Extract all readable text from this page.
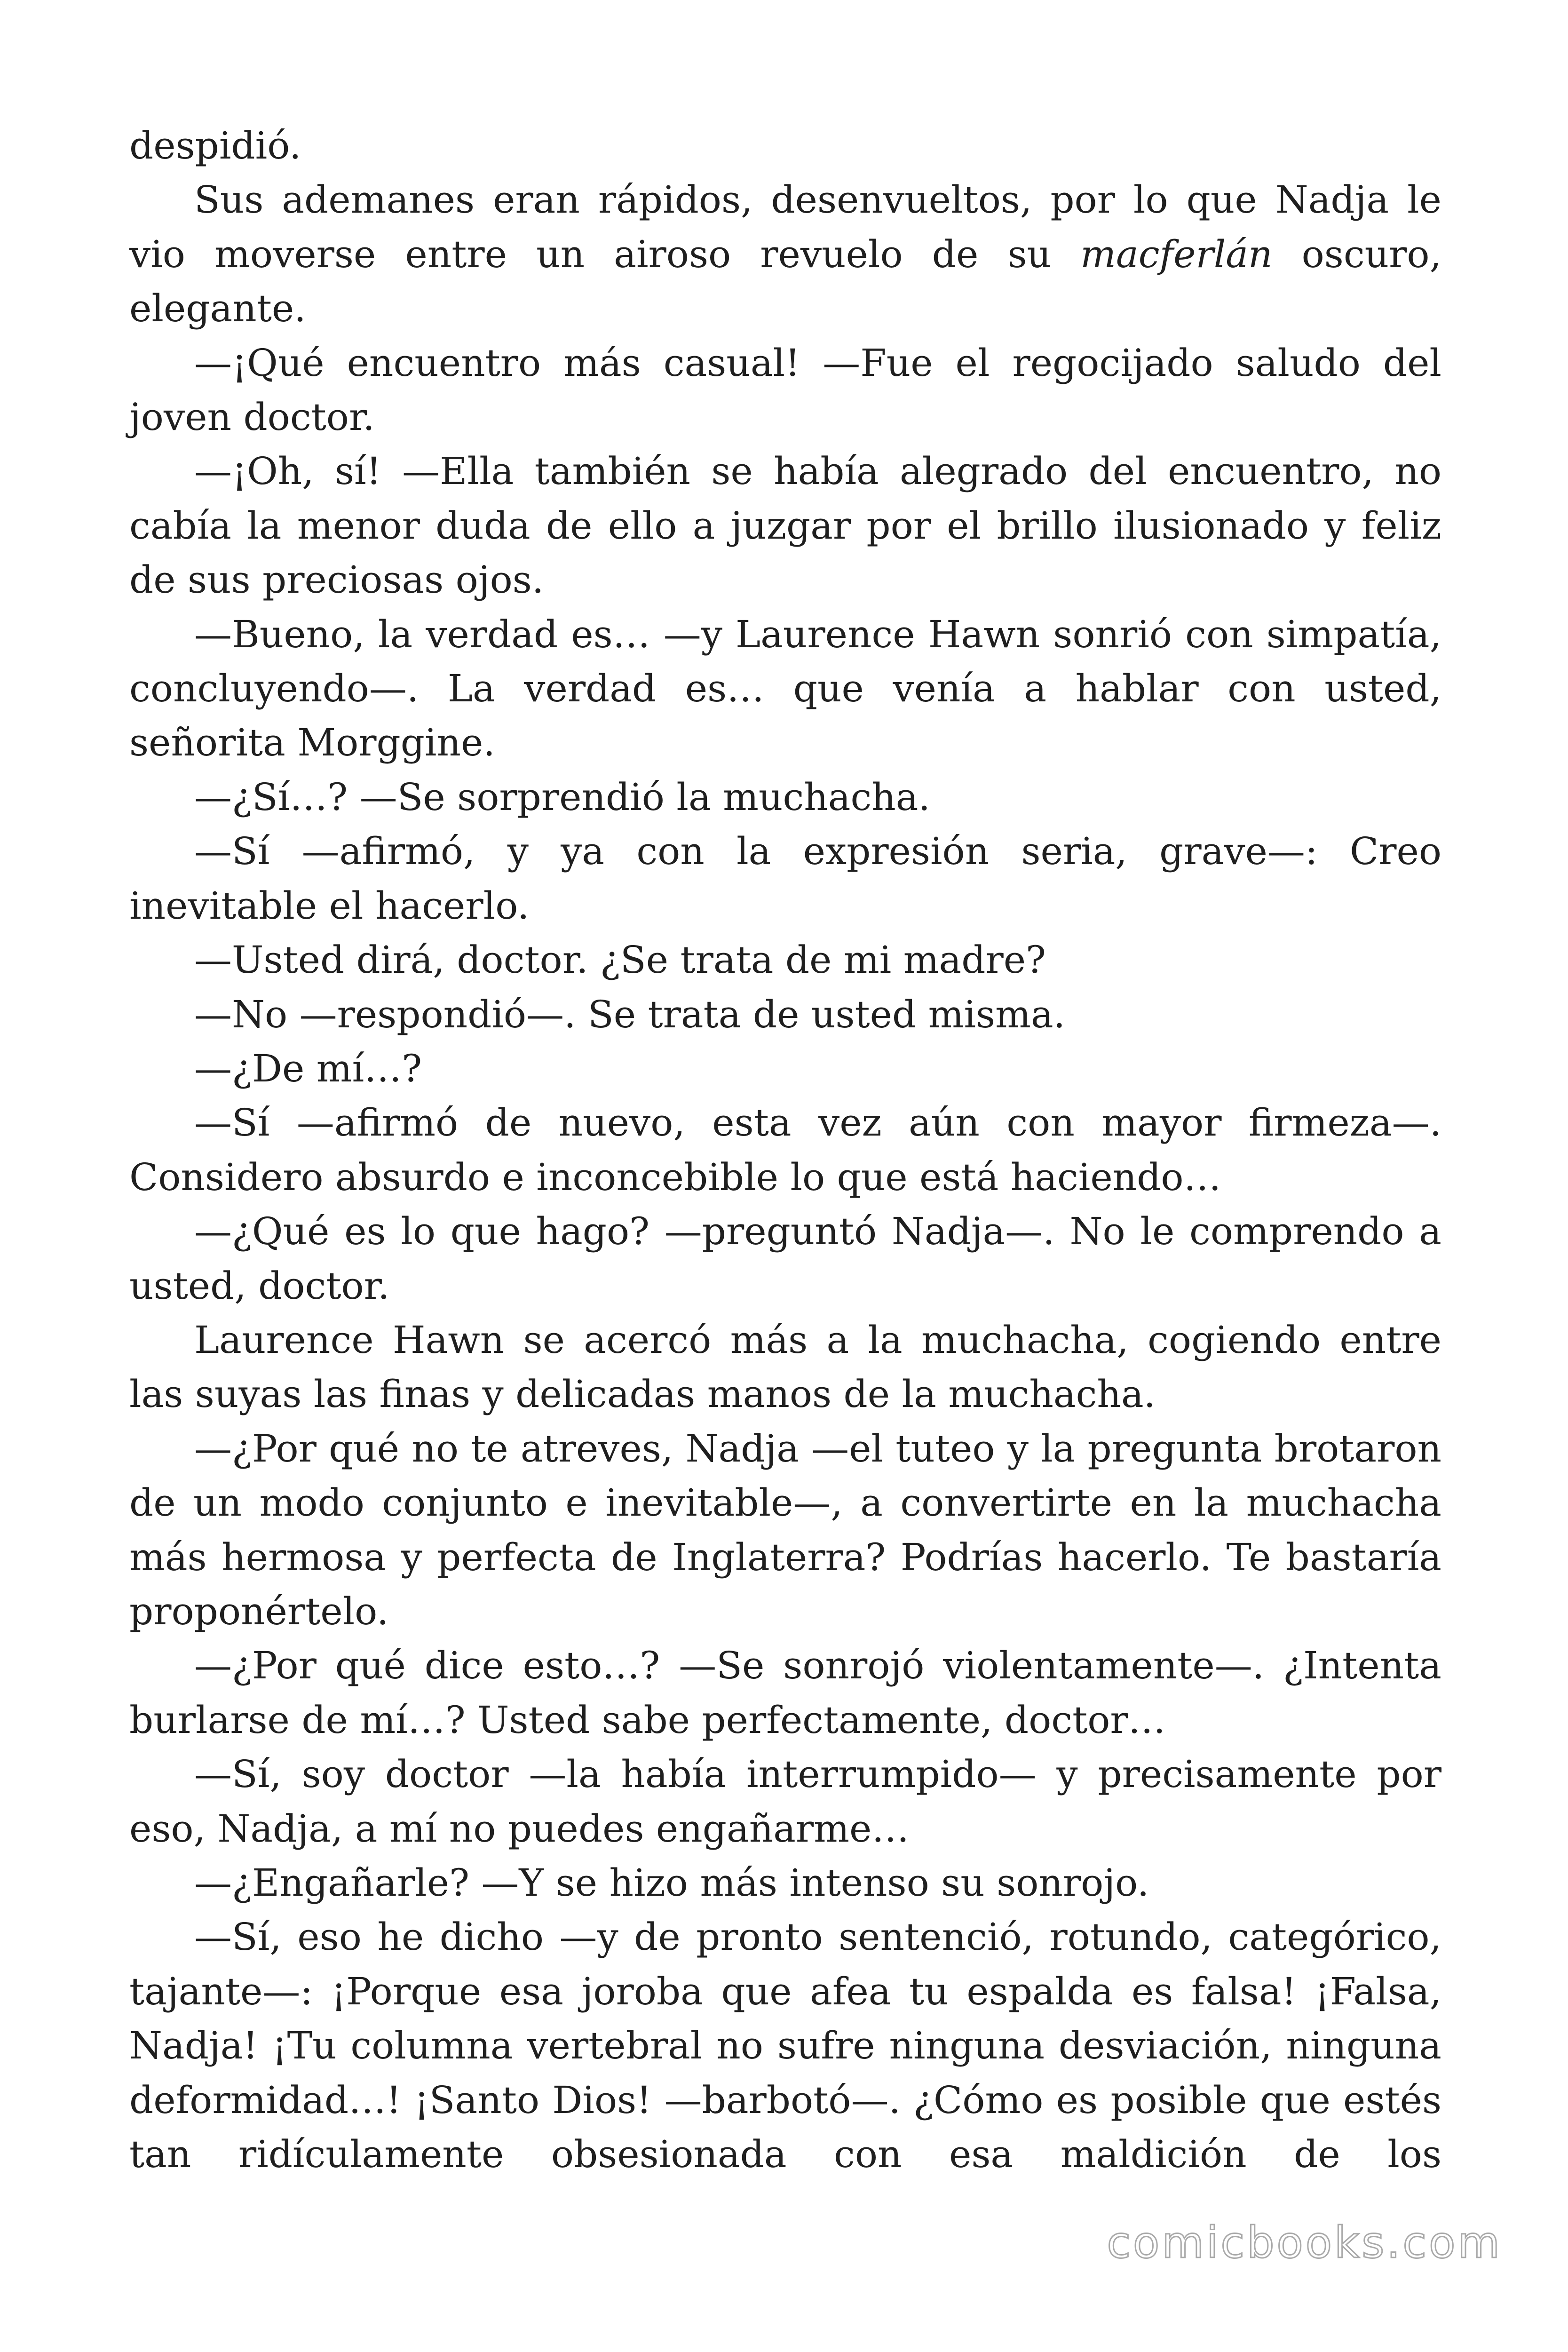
despidió.

Sus ademanes eran rápidos, desenvueltos, por lo que Nadja le vio moverse entre un airoso revuelo de su macferlán oscuro, elegante.

—¡Qué encuentro más casual! —Fue el regocijado saludo del joven doctor.

—¡Oh, sí! —Ella también se había alegrado del encuentro, no cabía la menor duda de ello a juzgar por el brillo ilusionado y feliz de sus preciosas ojos.

—Bueno, la verdad es… —y Laurence Hawn sonrió con simpatía, concluyendo—. La verdad es… que venía a hablar con usted, señorita Morggine.

—¿Sí…? —Se sorprendió la muchacha.

—Sí —afirmó, y ya con la expresión seria, grave—: Creo inevitable el hacerlo.

—Usted dirá, doctor. ¿Se trata de mi madre?

—No —respondió—. Se trata de usted misma.

—¿De mí…?

—Sí —afirmó de nuevo, esta vez aún con mayor firmeza—. Considero absurdo e inconcebible lo que está haciendo…

—¿Qué es lo que hago? —preguntó Nadja—. No le comprendo a usted, doctor.

Laurence Hawn se acercó más a la muchacha, cogiendo entre las suyas las finas y delicadas manos de la muchacha.

—¿Por qué no te atreves, Nadja —el tuteo y la pregunta brotaron de un modo conjunto e inevitable—, a convertirte en la muchacha más hermosa y perfecta de Inglaterra? Podrías hacerlo. Te bastaría proponértelo.

—¿Por qué dice esto…? —Se sonrojó violentamente—. ¿Intenta burlarse de mí…? Usted sabe perfectamente, doctor…

—Sí, soy doctor —la había interrumpido— y precisamente por eso, Nadja, a mí no puedes engañarme…

—¿Engañarle? —Y se hizo más intenso su sonrojo.

—Sí, eso he dicho —y de pronto sentenció, rotundo, categórico, tajante—: ¡Porque esa joroba que afea tu espalda es falsa! ¡Falsa, Nadja! ¡Tu columna vertebral no sufre ninguna desviación, ninguna deformidad…! ¡Santo Dios! —barbotó—. ¿Cómo es posible que estés tan ridículamente obsesionada con esa maldición de los

comicbooks.com
